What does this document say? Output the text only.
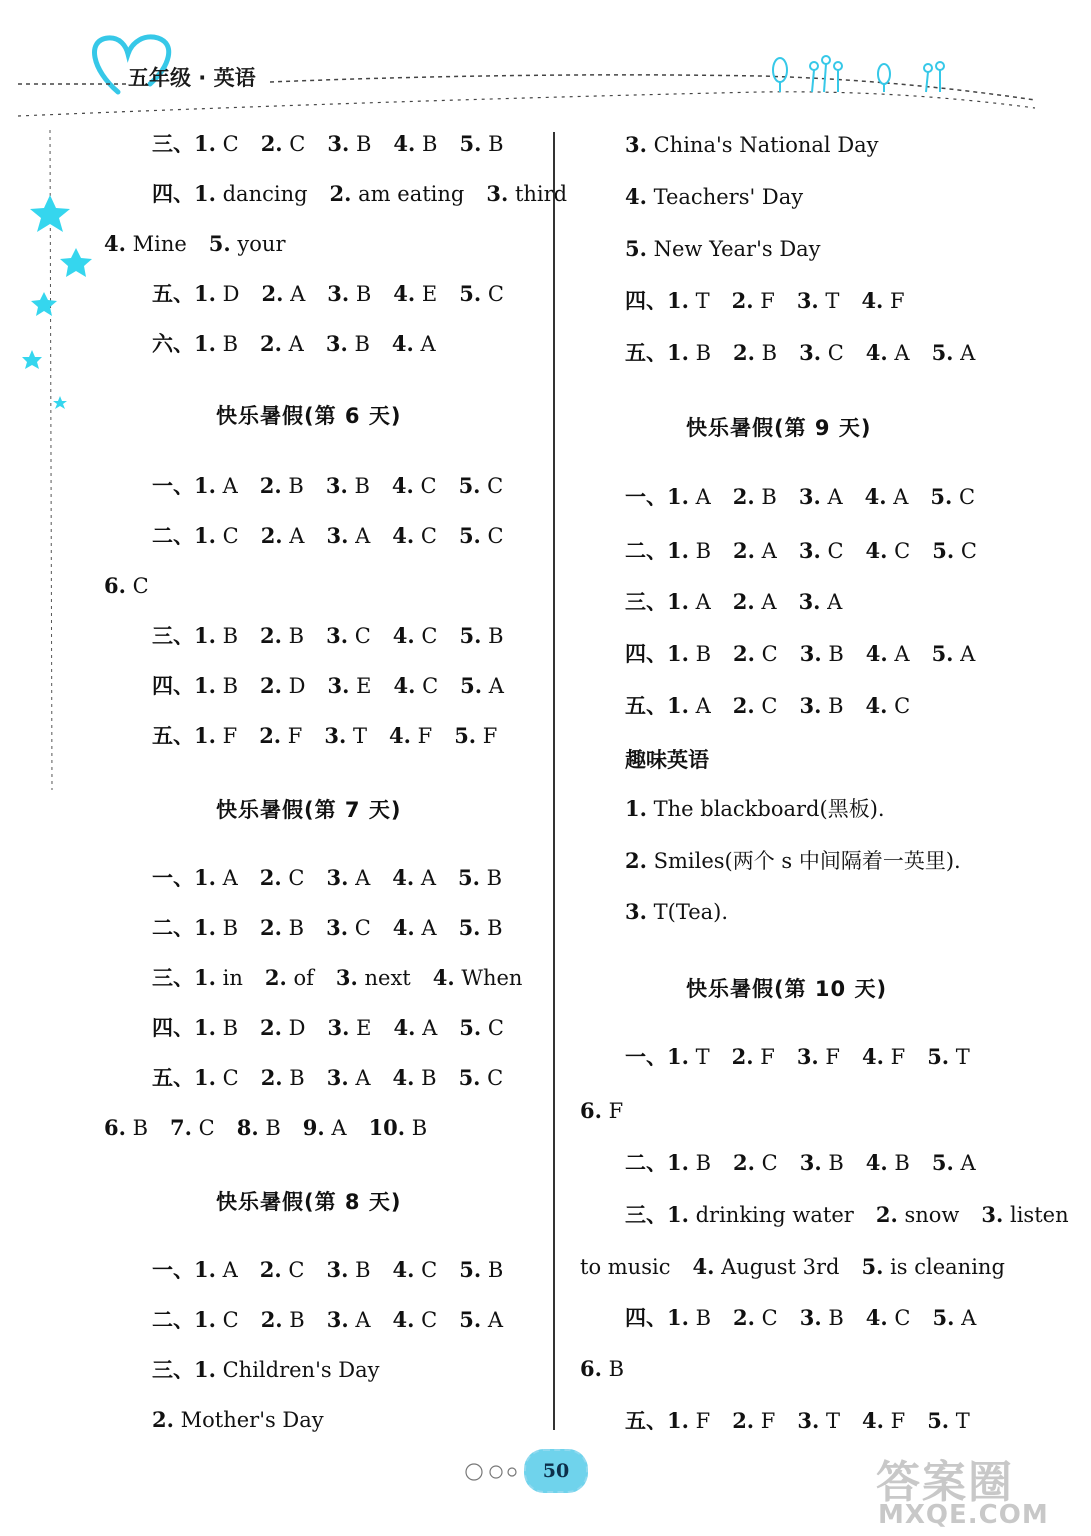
五年级 · 英语
三、1. C 2. C 3. B 4. B 5. B
四、1. dancing 2. am eating 3. third
4. Mine 5. your
五、1. D 2. A 3. B 4. E 5. C
六、1. B 2. A 3. B 4. A
快乐暑假(第 6 天)
一、1. A 2. B 3. B 4. C 5. C
二、1. C 2. A 3. A 4. C 5. C
6. C
三、1. B 2. B 3. C 4. C 5. B
四、1. B 2. D 3. E 4. C 5. A
五、1. F 2. F 3. T 4. F 5. F
快乐暑假(第 7 天)
一、1. A 2. C 3. A 4. A 5. B
二、1. B 2. B 3. C 4. A 5. B
三、1. in 2. of 3. next 4. When
四、1. B 2. D 3. E 4. A 5. C
五、1. C 2. B 3. A 4. B 5. C
6. B 7. C 8. B 9. A 10. B
快乐暑假(第 8 天)
一、1. A 2. C 3. B 4. C 5. B
二、1. C 2. B 3. A 4. C 5. A
三、1. Children's Day
2. Mother's Day
3. China's National Day
4. Teachers' Day
5. New Year's Day
四、1. T 2. F 3. T 4. F
五、1. B 2. B 3. C 4. A 5. A
快乐暑假(第 9 天)
一、1. A 2. B 3. A 4. A 5. C
二、1. B 2. A 3. C 4. C 5. C
三、1. A 2. A 3. A
四、1. B 2. C 3. B 4. A 5. A
五、1. A 2. C 3. B 4. C
趣味英语
1. The blackboard(黑板).
2. Smiles(两个 s 中间隔着一英里).
3. T(Tea).
快乐暑假(第 10 天)
一、1. T 2. F 3. F 4. F 5. T
6. F
二、1. B 2. C 3. B 4. B 5. A
三、1. drinking water 2. snow 3. listen
to music 4. August 3rd 5. is cleaning
四、1. B 2. C 3. B 4. C 5. A
6. B
五、1. F 2. F 3. T 4. F 5. T
50	答案圈
MXQE.COM
